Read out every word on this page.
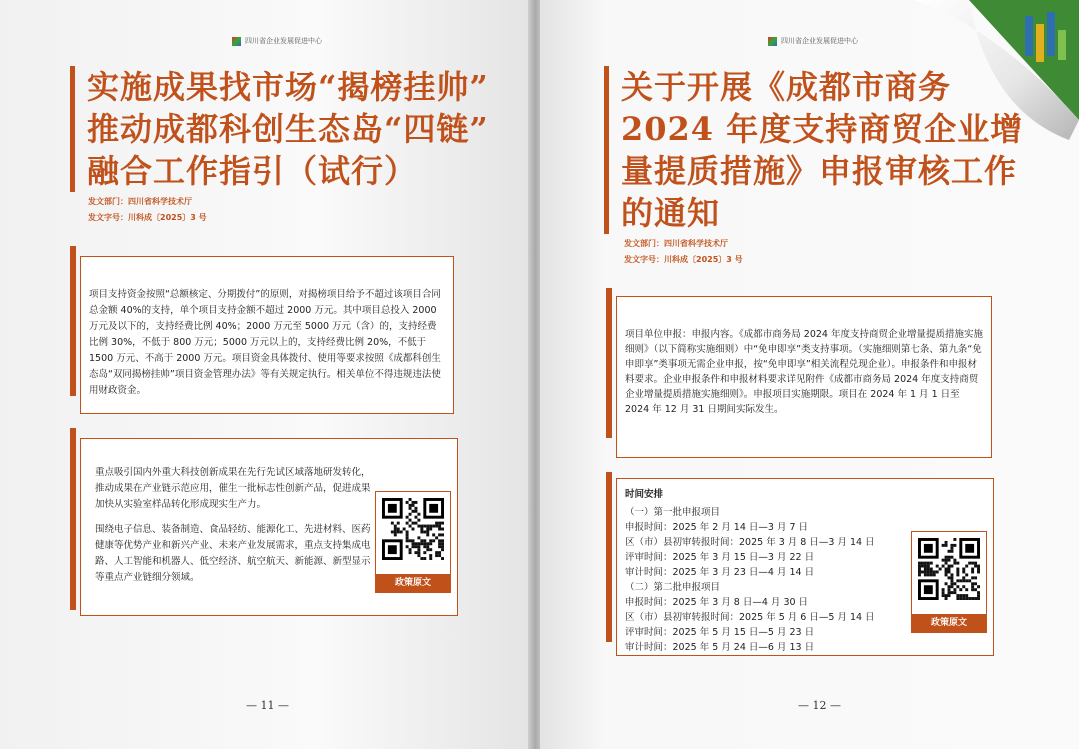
四川省企业发展促进中心
实施成果找市场“揭榜挂帅”
推动成都科创生态岛“四链”
融合工作指引（试行）
发文部门：四川省科学技术厅
发文字号：川科成〔2025〕3 号
项目支持资金按照“总额核定、分期拨付”的原则，对揭榜项目给予不超过该项目合同总金额 40%的支持，单个项目支持金额不超过 2000 万元。其中项目总投入 2000 万元及以下的，支持经费比例 40%；2000 万元至 5000 万元（含）的，支持经费比例 30%，不低于 800 万元；5000 万元以上的，支持经费比例 20%，不低于 1500 万元、不高于 2000 万元。项目资金具体拨付、使用等要求按照《成都科创生态岛“双同揭榜挂帅”项目资金管理办法》等有关规定执行。相关单位不得违规违法使用财政资金。
重点吸引国内外重大科技创新成果在先行先试区域落地研发转化，推动成果在产业链示范应用，催生一批标志性创新产品，促进成果加快从实验室样品转化形成现实生产力。
围绕电子信息、装备制造、食品轻纺、能源化工、先进材料、医药健康等优势产业和新兴产业、未来产业发展需求，重点支持集成电路、人工智能和机器人、低空经济、航空航天、新能源、新型显示等重点产业链细分领域。	政策原文
— 11 —
四川省企业发展促进中心
关于开展《成都市商务
2024 年度支持商贸企业增
量提质措施》申报审核工作
的通知
发文部门：四川省科学技术厅
发文字号：川科成〔2025〕3 号
项目单位申报：申报内容。《成都市商务局 2024 年度支持商贸企业增量提质措施实施细则》（以下简称实施细则）中“免申即享”类支持事项。（实施细则第七条、第九条“免申即享”类事项无需企业申报，按“免申即享”相关流程兑现企业）。申报条件和申报材料要求。企业申报条件和申报材料要求详见附件《成都市商务局 2024 年度支持商贸企业增量提质措施实施细则》。申报项目实施期限。项目在 2024 年 1 月 1 日至 2024 年 12 月 31 日期间实际发生。
时间安排
（一）第一批申报项目
申报时间：2025 年 2 月 14 日—3 月 7 日
区（市）县初审转报时间：2025 年 3 月 8 日—3 月 14 日
评审时间：2025 年 3 月 15 日—3 月 22 日
审计时间：2025 年 3 月 23 日—4 月 14 日
（二）第二批申报项目
申报时间：2025 年 3 月 8 日—4 月 30 日
区（市）县初审转报时间：2025 年 5 月 6 日—5 月 14 日
评审时间：2025 年 5 月 15 日—5 月 23 日
审计时间：2025 年 5 月 24 日—6 月 13 日
政策原文
— 12 —
